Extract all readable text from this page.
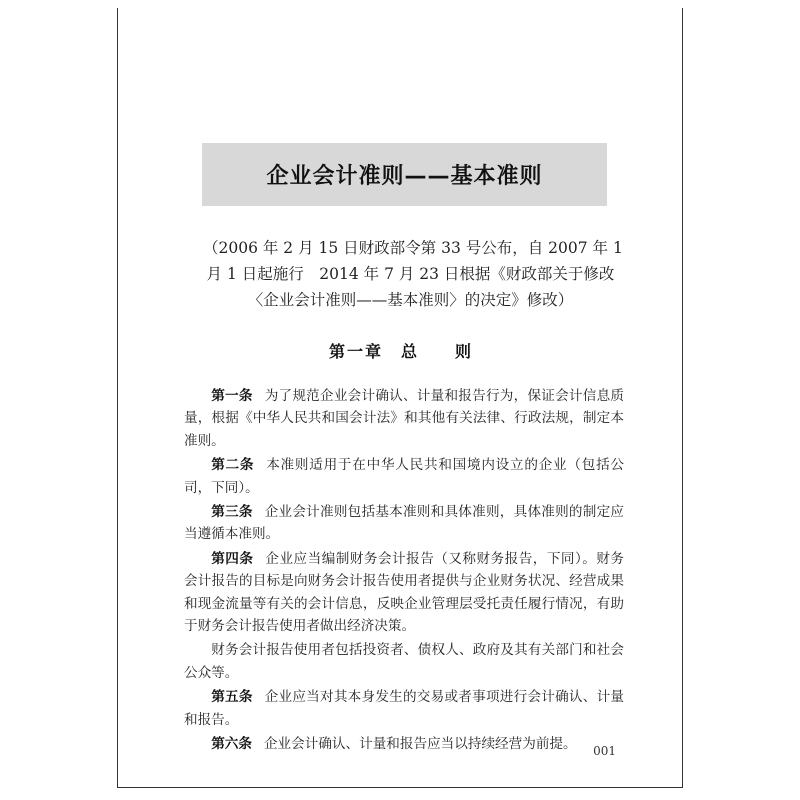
企业会计准则——基本准则
（2006 年 2 月 15 日财政部令第 33 号公布，自 2007 年 1
月 1 日起施行　2014 年 7 月 23 日根据《财政部关于修改
〈企业会计准则——基本准则〉的决定》修改）
第一章　总　　则

第一条 为了规范企业会计确认、计量和报告行为，保证会计信息质量，根据《中华人民共和国会计法》和其他有关法律、行政法规，制定本准则。

第二条 本准则适用于在中华人民共和国境内设立的企业（包括公司，下同）。

第三条 企业会计准则包括基本准则和具体准则，具体准则的制定应当遵循本准则。

第四条 企业应当编制财务会计报告（又称财务报告，下同）。财务会计报告的目标是向财务会计报告使用者提供与企业财务状况、经营成果和现金流量等有关的会计信息，反映企业管理层受托责任履行情况，有助于财务会计报告使用者做出经济决策。

财务会计报告使用者包括投资者、债权人、政府及其有关部门和社会公众等。

第五条 企业应当对其本身发生的交易或者事项进行会计确认、计量和报告。

第六条 企业会计确认、计量和报告应当以持续经营为前提。	001
